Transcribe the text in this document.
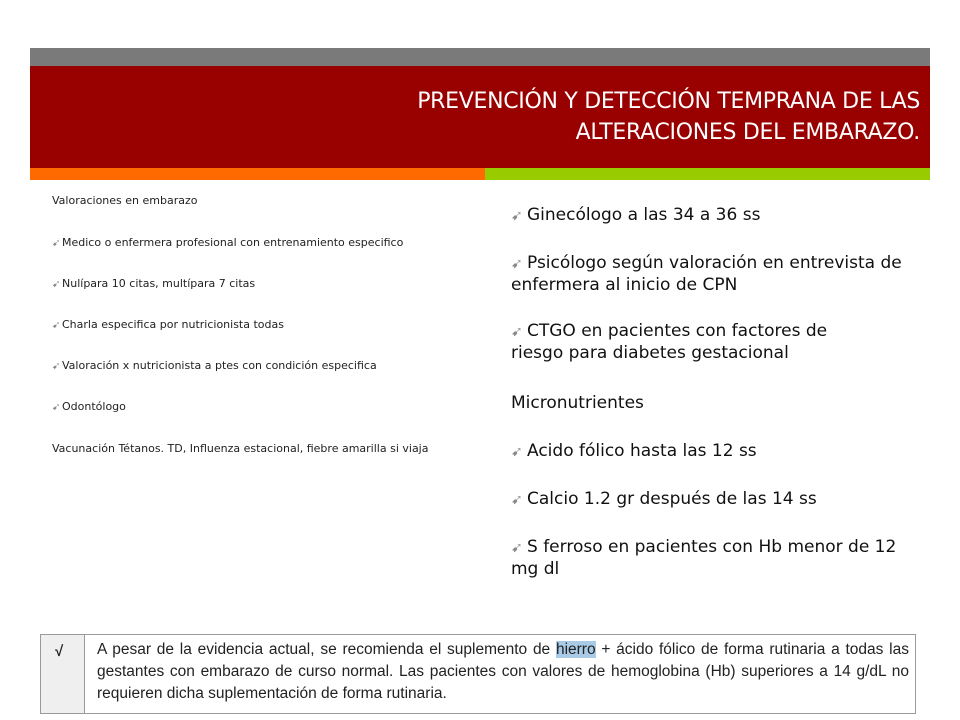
PREVENCIÓN Y DETECCIÓN TEMPRANA DE LAS
ALTERACIONES DEL EMBARAZO.
Valoraciones en embarazo
➹ Medico o enfermera profesional con entrenamiento especifico
➹ Nulípara 10 citas, multípara 7 citas
➹ Charla especifica por nutricionista todas
➹ Valoración x nutricionista a ptes con condición especifica
➹ Odontólogo
Vacunación Tétanos. TD, Influenza estacional, fiebre amarilla si viaja
➹ Ginecólogo a las 34 a 36 ss
➹ Psicólogo según valoración en entrevista de enfermera al inicio de CPN
➹ CTGO en pacientes con factores de riesgo para diabetes gestacional
Micronutrientes
➹ Acido fólico hasta las 12 ss
➹ Calcio 1.2 gr después de las 14 ss
➹ S ferroso en pacientes con Hb menor de 12 mg dl
√ A pesar de la evidencia actual, se recomienda el suplemento de hierro + ácido fólico de forma rutinaria a todas las gestantes con embarazo de curso normal. Las pacientes con valores de hemoglobina (Hb) superiores a 14 g/dL no requieren dicha suplementación de forma rutinaria.
